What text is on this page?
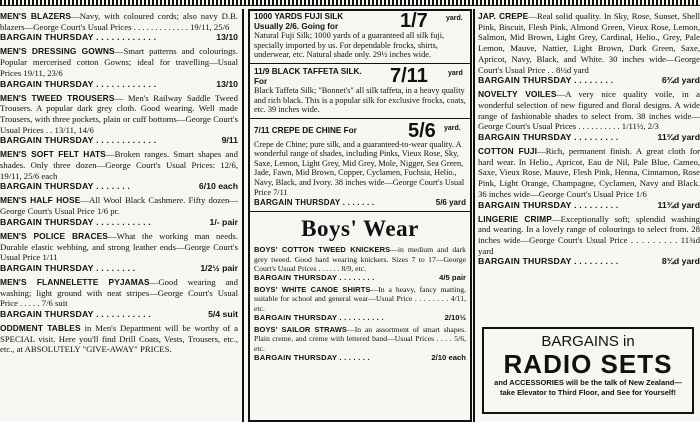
MEN'S BLAZERS—Navy, with coloured cords; also navy D.B. blazers—George Court's Usual Prices . . . . . . . . . . . . . 19/11, 25/6
BARGAIN THURSDAY . . . . . . . . . . . .	13/10
MEN'S DRESSING GOWNS—Smart patterns and colourings. Popular mercerised cotton Gowns; ideal for travelling—Usual Prices 19/11, 23/6
BARGAIN THURSDAY . . . . . . . . . . . .	13/10
MEN'S TWEED TROUSERS— Men's Railway Saddle Tweed Trousers. A popular dark grey cloth. Good wearing. Well made Trousers, with three pockets, plain or cuff bottoms—George Court's Usual Prices . . 13/11, 14/6
BARGAIN THURSDAY . . . . . . . . . . . .	9/11
MEN'S SOFT FELT HATS—Broken ranges. Smart shapes and shades. Only three dozen—George Court's Usual Prices: 12/6, 19/11, 25/6 each
BARGAIN THURSDAY . . . . . . .	6/10 each
MEN'S HALF HOSE—All Wool Black Cashmere. Fifty dozen—George Court's Usual Price 1/6 pr.
BARGAIN THURSDAY . . . . . . . . . . .	1/- pair
MEN'S POLICE BRACES—What the working man needs. Durable elastic webbing, and strong leather ends—George Court's Usual Price 1/11
BARGAIN THURSDAY . . . . . . . .	1/2½ pair
MEN'S FLANNELETTE PYJAMAS—Good wearing and washing; light ground with neat stripes—George Court's Usual Price . . . . . 7/6 suit
BARGAIN THURSDAY . . . . . . . . . . .	5/4 suit
ODDMENT TABLES in Men's Department will be worthy of a SPECIAL visit. Here you'll find Drill Coats, Vests, Trousers, etc., etc., at ABSOLUTELY "GIVE-AWAY" PRICES.
1000 YARDS FUJI SILK Usually 2/6. Going for	1/7	yard.
Natural Fuji Silk; 1000 yards of a guaranteed all silk fuji, specially imported by us. For dependable frocks, shirts, underwear, etc. Natural shade only. 29½ inches wide.
11/9 BLACK TAFFETA SILK. For	7/11	yard
Black Taffeta Silk; "Bonnet's" all silk taffeta, in a heavy quality and rich black. This is a popular silk for exclusive frocks, coats, etc. 39 inches wide.
7/11 CREPE DE CHINE For	5/6 yard.
Crepe de Chine; pure silk, and a guaranteed-to-wear quality. A wonderful range of shades, including Pinks, Vieux Rose, Sky, Saxe, Lemon, Light Grey, Mid Grey, Mole, Nigger, Sea Green, Jade, Fawn, Mid Brown, Copper, Cyclamen, Fuchsia, Helio., Navy, Black, and Ivory. 38 inches wide—George Court's Usual Price 7/11
BARGAIN THURSDAY . . . . . . .	5/6 yard
Boys' Wear
BOYS' COTTON TWEED KNICKERS—in medium and dark grey tweed. Good hard wearing knickers. Sizes 7 to 17—George Court's Usual Prices . . . . . . 8/9, etc.
BARGAIN THURSDAY . . . . . . . .	4/5 pair
BOYS' WHITE CANOE SHIRTS—In a heavy, fancy matting, suitable for school and general wear—Usual Price . . . . . . . . 4/11, etc.
BARGAIN THURSDAY . . . . . . . . . .	2/10½
BOYS' SAILOR STRAWS—In an assortment of smart shapes. Plain creme, and creme with lettered band—Usual Prices . . . . 5/6, etc.
BARGAIN THURSDAY . . . . . . .	2/10 each
JAP. CREPE—Real solid quality. In Sky, Rose, Sunset, Shell Pink, Biscuit, Flesh Pink, Almond Green, Vieux Rose, Lemon, Salmon, Mid Brown, Light Grey, Cardinal, Helio., Grey, Pale Lemon, Mauve, Nattier, Light Brown, Dark Green, Saxe, Apricot, Navy, Black, and White. 30 inches wide—George Court's Usual Price . . 8½d yard
BARGAIN THURSDAY . . . . . . . .	6¾d yard
NOVELTY VOILES—A very nice quality voile, in a wonderful selection of new figured and floral designs. A wide range of fashionable shades to select from. 38 inches wide—George Court's Usual Prices . . . . . . . . . . 1/11½, 2/3
BARGAIN THURSDAY . . . . . . . . .	11¾d yard
COTTON FUJI—Rich, permanent finish. A great cloth for hard wear. In Helio., Apricot, Eau de Nil, Pale Blue, Cameo, Saxe, Vieux Rose, Mauve, Flesh Pink, Henna, Cinnamon, Rose Pink, Light Orange, Champagne, Cyclamen, Navy and Black. 36 inches wide—George Court's Usual Price 1/6
BARGAIN THURSDAY . . . . . . . . .	11¾d yard
LINGERIE CRIMP—Exceptionally soft; splendid washing and wearing. In a lovely range of colourings to select from. 28 inches wide—George Court's Usual Price . . . . . . . . . 11¾d yard
BARGAIN THURSDAY . . . . . . . . .	8¾d yard
BARGAINS in
RADIO SETS
and ACCESSORIES will be the talk of New Zealand—take Elevator to Third Floor, and See for Yourself!
